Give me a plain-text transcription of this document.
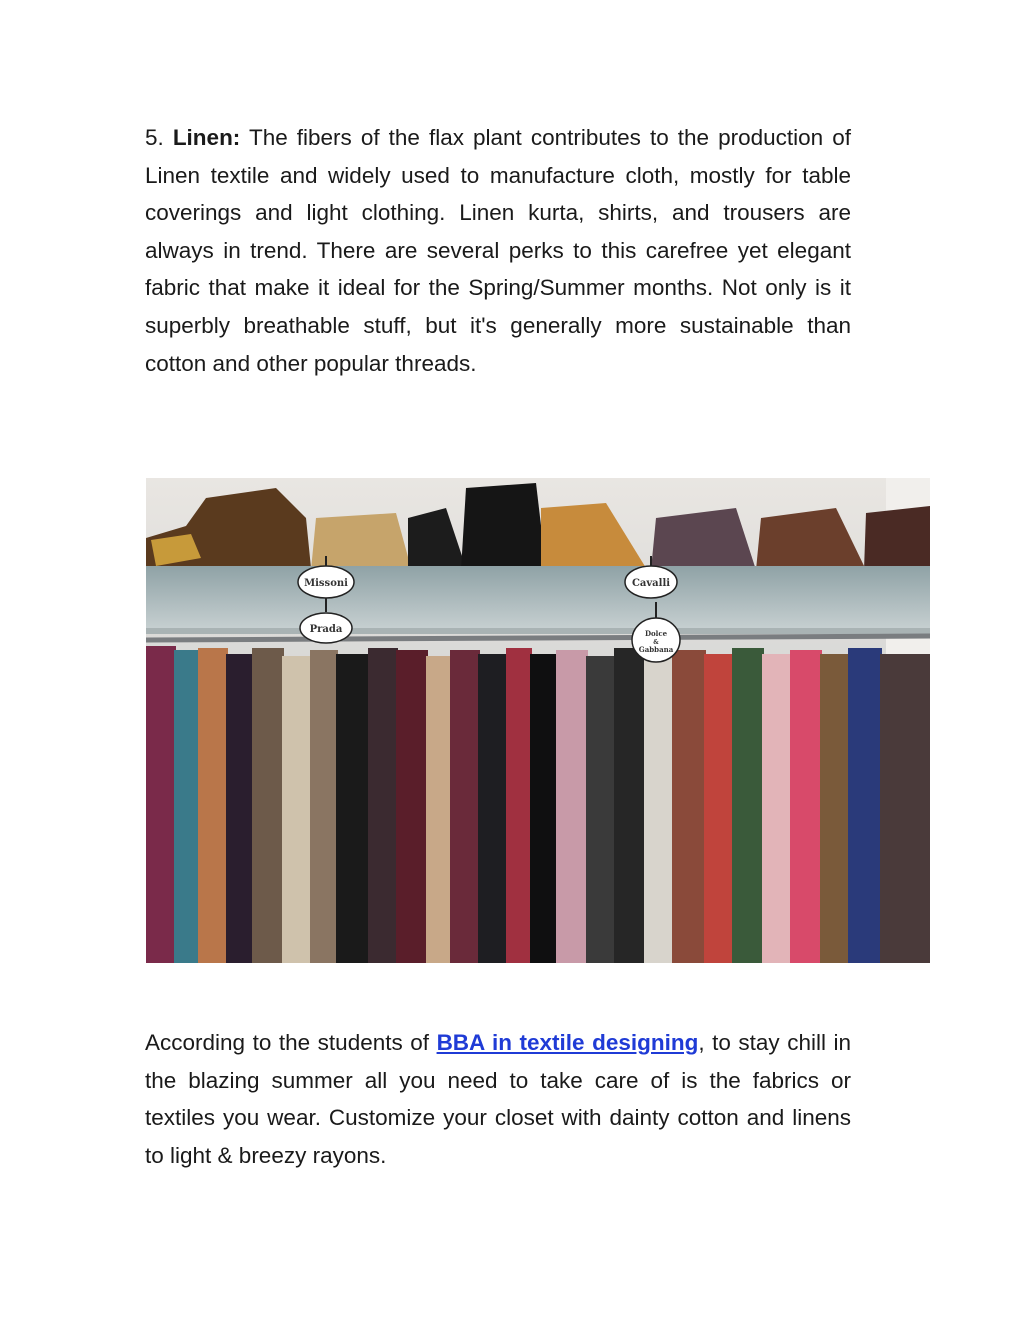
5. Linen: The fibers of the flax plant contributes to the production of Linen textile and widely used to manufacture cloth, mostly for table coverings and light clothing. Linen kurta, shirts, and trousers are always in trend. There are several perks to this carefree yet elegant fabric that make it ideal for the Spring/Summer months. Not only is it superbly breathable stuff, but it's generally more sustainable than cotton and other popular threads.

Missoni
Prada
Cavalli
Dolce
&
Gabbana

According to the students of BBA in textile designing, to stay chill in the blazing summer all you need to take care of is the fabrics or textiles you wear. Customize your closet with dainty cotton and linens to light & breezy rayons.
